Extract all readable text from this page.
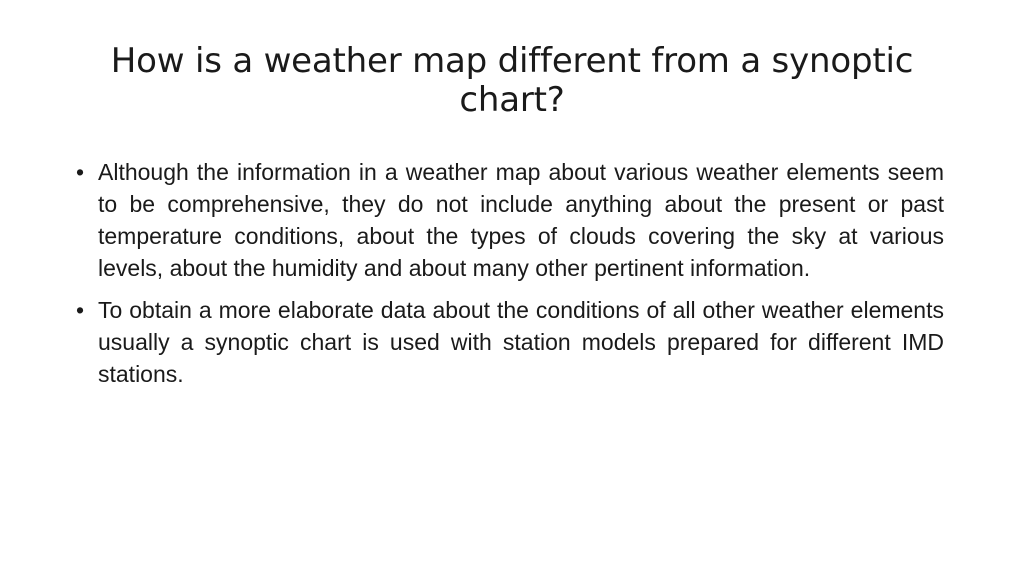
How is a weather map different from a synoptic chart?
• Although the information in a weather map about various weather elements seem to be comprehensive, they do not include anything about the present or past temperature conditions, about the types of clouds covering the sky at various levels, about the humidity and about many other pertinent information.
• To obtain a more elaborate data about the conditions of all other weather elements usually a synoptic chart is used with station models prepared for different IMD stations.
